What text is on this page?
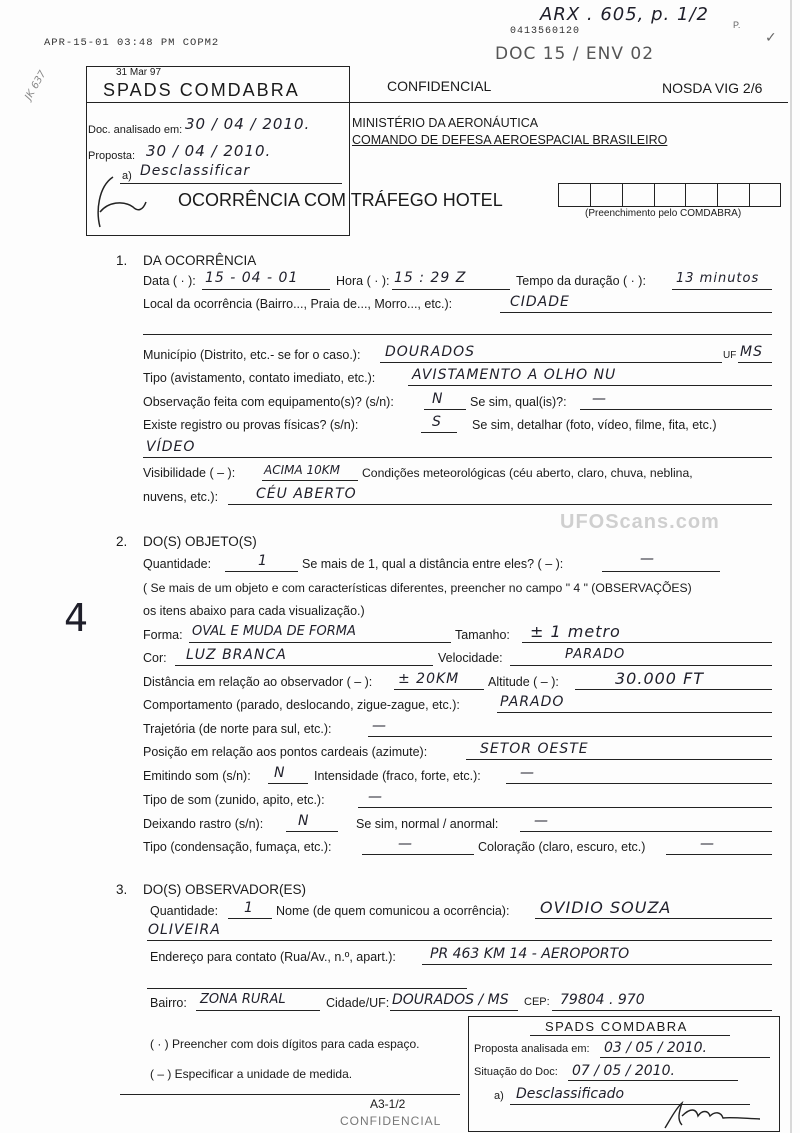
APR-15-01 03:48 PM COPM2
0413560120
ARX . 605, p. 1/2
DOC 15 / ENV 02
P.
✓
JK 637	31 Mar 97
SPADS COMDABRA
Doc. analisado em: 30 / 04 / 2010.
Proposta: 30 / 04 / 2010.
a) Desclassificar
CONFIDENCIAL	NOSDA VIG 2/6
MINISTÉRIO DA AERONÁUTICA
COMANDO DE DEFESA AEROESPACIAL BRASILEIRO
OCORRÊNCIA COM TRÁFEGO HOTEL
(Preenchimento pelo COMDABRA)
1. DA OCORRÊNCIA
Data ( · ): 15 - 04 - 01	Hora ( · ): 15 : 29 Z	Tempo da duração ( · ): 13 minutos
Local da ocorrência (Bairro..., Praia de..., Morro..., etc.):	CIDADE
Município (Distrito, etc.- se for o caso.): DOURADOS	UF MS
Tipo (avistamento, contato imediato, etc.):	AVISTAMENTO A OLHO NU
Observação feita com equipamento(s)? (s/n):	N Se sim, qual(is)?: —
Existe registro ou provas físicas? (s/n):	S Se sim, detalhar (foto, vídeo, filme, fita, etc.)
VÍDEO
Visibilidade ( – ): ACIMA 10KM Condições meteorológicas (céu aberto, claro, chuva, neblina,
nuvens, etc.):	CÉU ABERTO
2. DO(S) OBJETO(S)
Quantidade:	1	Se mais de 1, qual a distância entre eles? ( – ):	—
UFOScans.com
( Se mais de um objeto e com características diferentes, preencher no campo " 4 " (OBSERVAÇÕES)
os itens abaixo para cada visualização.)
4	Forma: OVAL E MUDA DE FORMA	Tamanho: ± 1 metro
Cor: LUZ BRANCA	Velocidade:	PARADO
Distância em relação ao observador ( – ): ± 20KM Altitude ( – ):	30.000 FT
Comportamento (parado, deslocando, zigue-zague, etc.):	PARADO
Trajetória (de norte para sul, etc.):	—
Posição em relação aos pontos cardeais (azimute):	SETOR OESTE
Emitindo som (s/n): N Intensidade (fraco, forte, etc.):	—
Tipo de som (zunido, apito, etc.):	—
Deixando rastro (s/n): N	Se sim, normal / anormal:	—
Tipo (condensação, fumaça, etc.):	—	Coloração (claro, escuro, etc.)	—
3. DO(S) OBSERVADOR(ES)
Quantidade: 1 Nome (de quem comunicou a ocorrência): OVIDIO SOUZA
OLIVEIRA
Endereço para contato (Rua/Av., n.º, apart.): PR 463 KM 14 - AEROPORTO
Bairro: ZONA RURAL	Cidade/UF: DOURADOS / MS CEP: 79804 . 970
( · ) Preencher com dois dígitos para cada espaço.
( – ) Especificar a unidade de medida.
A3-1/2
CONFIDENCIAL
SPADS COMDABRA
Proposta analisada em: 03 / 05 / 2010.
Situação do Doc: 07 / 05 / 2010.
a) Desclassificado
